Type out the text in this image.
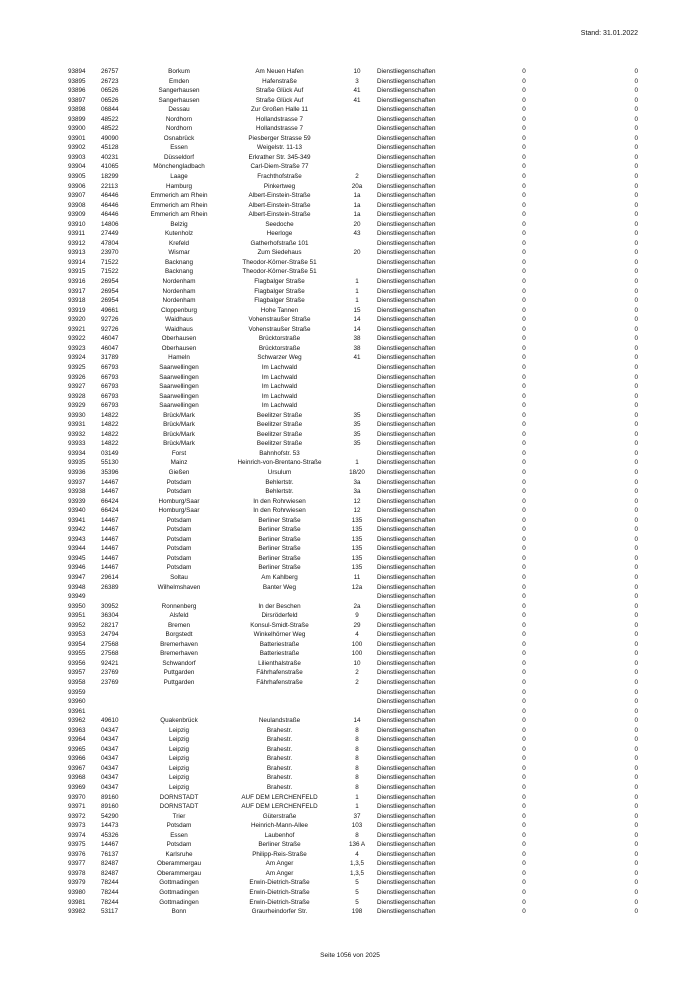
Stand: 31.01.2022
93894	26757	Borkum	Am Neuen Hafen	10	Dienstliegenschaften	0	0
93895	26723	Emden	Hafenstraße	3	Dienstliegenschaften	0	0
93896	06526	Sangerhausen	Straße Glück Auf	41	Dienstliegenschaften	0	0
93897	06526	Sangerhausen	Straße Glück Auf	41	Dienstliegenschaften	0	0
93898	06844	Dessau	Zur Großen Halle 11		Dienstliegenschaften	0	0
93899	48522	Nordhorn	Hollandstrasse 7		Dienstliegenschaften	0	0
93900	48522	Nordhorn	Hollandstrasse 7		Dienstliegenschaften	0	0
93901	49090	Osnabrück	Piesberger Strasse 59		Dienstliegenschaften	0	0
93902	45128	Essen	Weigelstr. 11-13		Dienstliegenschaften	0	0
93903	40231	Düsseldorf	Erkrather Str. 345-349		Dienstliegenschaften	0	0
93904	41065	Mönchengladbach	Carl-Diem-Straße 77		Dienstliegenschaften	0	0
93905	18299	Laage	Frachthofstraße	2	Dienstliegenschaften	0	0
93906	22113	Hamburg	Pinkertweg	20a	Dienstliegenschaften	0	0
93907	46446	Emmerich am Rhein	Albert-Einstein-Straße	1a	Dienstliegenschaften	0	0
93908	46446	Emmerich am Rhein	Albert-Einstein-Straße	1a	Dienstliegenschaften	0	0
93909	46446	Emmerich am Rhein	Albert-Einstein-Straße	1a	Dienstliegenschaften	0	0
93910	14806	Belzig	Seedoche	20	Dienstliegenschaften	0	0
93911	27449	Kutenholz	Heerloge	43	Dienstliegenschaften	0	0
93912	47804	Krefeld	Gatherhofstraße 101		Dienstliegenschaften	0	0
93913	23970	Wismar	Zum Siedehaus	20	Dienstliegenschaften	0	0
93914	71522	Backnang	Theodor-Körner-Straße 51		Dienstliegenschaften	0	0
93915	71522	Backnang	Theodor-Körner-Straße 51		Dienstliegenschaften	0	0
93916	26954	Nordenham	Flagbalger Straße	1	Dienstliegenschaften	0	0
93917	26954	Nordenham	Flagbalger Straße	1	Dienstliegenschaften	0	0
93918	26954	Nordenham	Flagbalger Straße	1	Dienstliegenschaften	0	0
93919	49661	Cloppenburg	Hohe Tannen	15	Dienstliegenschaften	0	0
93920	92726	Waidhaus	Vohenstraußer Straße	14	Dienstliegenschaften	0	0
93921	92726	Waidhaus	Vohenstraußer Straße	14	Dienstliegenschaften	0	0
93922	46047	Oberhausen	Brücktorstraße	38	Dienstliegenschaften	0	0
93923	46047	Oberhausen	Brücktorstraße	38	Dienstliegenschaften	0	0
93924	31789	Hameln	Schwarzer Weg	41	Dienstliegenschaften	0	0
93925	66793	Saarwellingen	Im Lachwald		Dienstliegenschaften	0	0
93926	66793	Saarwellingen	Im Lachwald		Dienstliegenschaften	0	0
93927	66793	Saarwellingen	Im Lachwald		Dienstliegenschaften	0	0
93928	66793	Saarwellingen	Im Lachwald		Dienstliegenschaften	0	0
93929	66793	Saarwellingen	Im Lachwald		Dienstliegenschaften	0	0
93930	14822	Brück/Mark	Beelitzer Straße	35	Dienstliegenschaften	0	0
93931	14822	Brück/Mark	Beelitzer Straße	35	Dienstliegenschaften	0	0
93932	14822	Brück/Mark	Beelitzer Straße	35	Dienstliegenschaften	0	0
93933	14822	Brück/Mark	Beelitzer Straße	35	Dienstliegenschaften	0	0
93934	03149	Forst	Bahnhofstr. 53		Dienstliegenschaften	0	0
93935	55130	Mainz	Heinrich-von-Brentano-Straße	1	Dienstliegenschaften	0	0
93936	35396	Gießen	Ursulum	18/20	Dienstliegenschaften	0	0
93937	14467	Potsdam	Behlertstr.	3a	Dienstliegenschaften	0	0
93938	14467	Potsdam	Behlertstr.	3a	Dienstliegenschaften	0	0
93939	66424	Homburg/Saar	In den Rohrwiesen	12	Dienstliegenschaften	0	0
93940	66424	Homburg/Saar	In den Rohrwiesen	12	Dienstliegenschaften	0	0
93941	14467	Potsdam	Berliner Straße	135	Dienstliegenschaften	0	0
93942	14467	Potsdam	Berliner Straße	135	Dienstliegenschaften	0	0
93943	14467	Potsdam	Berliner Straße	135	Dienstliegenschaften	0	0
93944	14467	Potsdam	Berliner Straße	135	Dienstliegenschaften	0	0
93945	14467	Potsdam	Berliner Straße	135	Dienstliegenschaften	0	0
93946	14467	Potsdam	Berliner Straße	135	Dienstliegenschaften	0	0
93947	29614	Soltau	Am Kahlberg	11	Dienstliegenschaften	0	0
93948	26389	Wilhelmshaven	Banter Weg	12a	Dienstliegenschaften	0	0
93949					Dienstliegenschaften	0	0
93950	30952	Ronnenberg	In der Beschen	2a	Dienstliegenschaften	0	0
93951	36304	Alsfeld	Dirsröderfeld	9	Dienstliegenschaften	0	0
93952	28217	Bremen	Konsul-Smidt-Straße	29	Dienstliegenschaften	0	0
93953	24794	Borgstedt	Winkelhörner Weg	4	Dienstliegenschaften	0	0
93954	27568	Bremerhaven	Batteriestraße	100	Dienstliegenschaften	0	0
93955	27568	Bremerhaven	Batteriestraße	100	Dienstliegenschaften	0	0
93956	92421	Schwandorf	Lilienthalstraße	10	Dienstliegenschaften	0	0
93957	23769	Puttgarden	Fährhafenstraße	2	Dienstliegenschaften	0	0
93958	23769	Puttgarden	Fährhafenstraße	2	Dienstliegenschaften	0	0
93959					Dienstliegenschaften	0	0
93960					Dienstliegenschaften	0	0
93961					Dienstliegenschaften	0	0
93962	49610	Quakenbrück	Neulandstraße	14	Dienstliegenschaften	0	0
93963	04347	Leipzig	Brahestr.	8	Dienstliegenschaften	0	0
93964	04347	Leipzig	Brahestr.	8	Dienstliegenschaften	0	0
93965	04347	Leipzig	Brahestr.	8	Dienstliegenschaften	0	0
93966	04347	Leipzig	Brahestr.	8	Dienstliegenschaften	0	0
93967	04347	Leipzig	Brahestr.	8	Dienstliegenschaften	0	0
93968	04347	Leipzig	Brahestr.	8	Dienstliegenschaften	0	0
93969	04347	Leipzig	Brahestr.	8	Dienstliegenschaften	0	0
93970	89160	DORNSTADT	AUF DEM LERCHENFELD	1	Dienstliegenschaften	0	0
93971	89160	DORNSTADT	AUF DEM LERCHENFELD	1	Dienstliegenschaften	0	0
93972	54290	Trier	Güterstraße	37	Dienstliegenschaften	0	0
93973	14473	Potsdam	Heinrich-Mann-Allee	103	Dienstliegenschaften	0	0
93974	45326	Essen	Laubenhof	8	Dienstliegenschaften	0	0
93975	14467	Potsdam	Berliner Straße	136 A	Dienstliegenschaften	0	0
93976	76137	Karlsruhe	Philipp-Reis-Straße	4	Dienstliegenschaften	0	0
93977	82487	Oberammergau	Am Anger	1,3,5	Dienstliegenschaften	0	0
93978	82487	Oberammergau	Am Anger	1,3,5	Dienstliegenschaften	0	0
93979	78244	Gottmadingen	Erwin-Dietrich-Straße	5	Dienstliegenschaften	0	0
93980	78244	Gottmadingen	Erwin-Dietrich-Straße	5	Dienstliegenschaften	0	0
93981	78244	Gottmadingen	Erwin-Dietrich-Straße	5	Dienstliegenschaften	0	0
93982	53117	Bonn	Graurheindorfer Str.	198	Dienstliegenschaften	0	0
Seite 1056 von 2025
